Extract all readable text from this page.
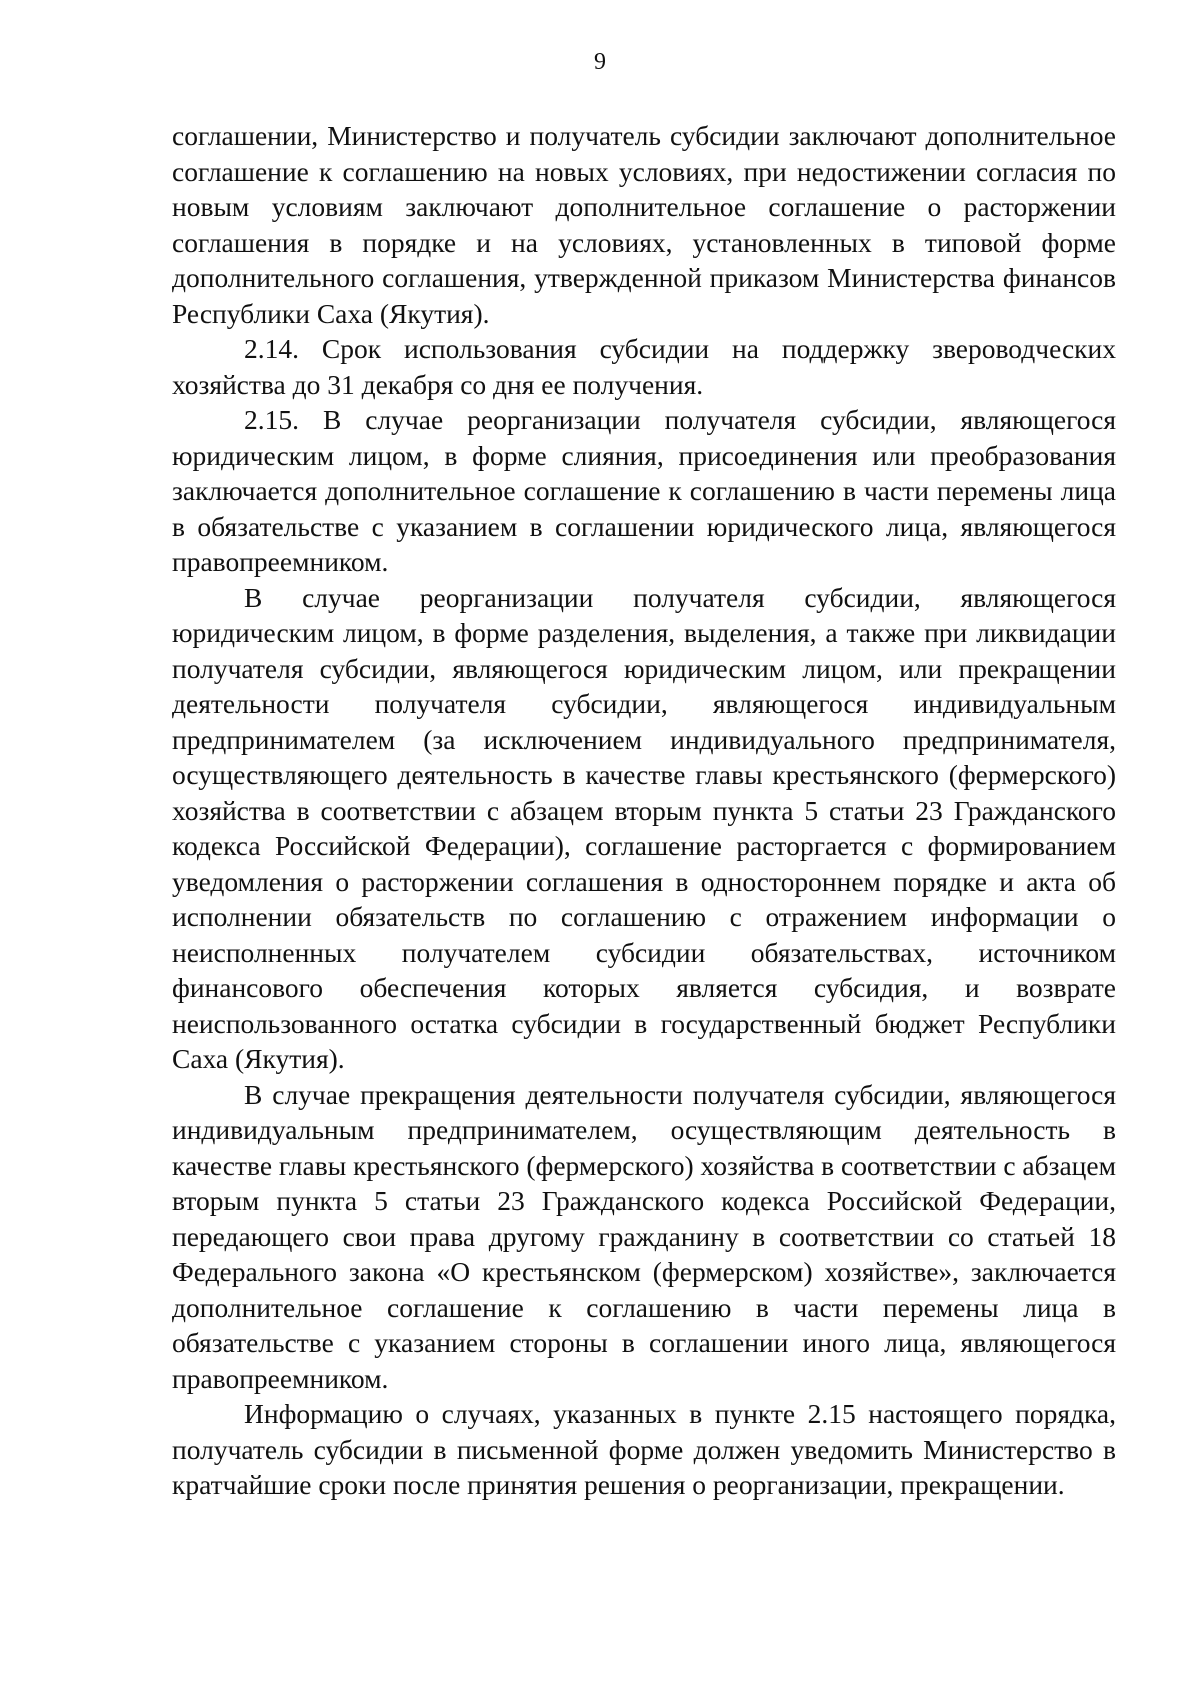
9

соглашении, Министерство и получатель субсидии заключают дополнительное соглашение к соглашению на новых условиях, при недостижении согласия по новым условиям заключают дополнительное соглашение о расторжении соглашения в порядке и на условиях, установленных в типовой форме дополнительного соглашения, утвержденной приказом Министерства финансов Республики Саха (Якутия).

2.14. Срок использования субсидии на поддержку звероводческих хозяйства до 31 декабря со дня ее получения.

2.15. В случае реорганизации получателя субсидии, являющегося юридическим лицом, в форме слияния, присоединения или преобразования заключается дополнительное соглашение к соглашению в части перемены лица в обязательстве с указанием в соглашении юридического лица, являющегося правопреемником.

В случае реорганизации получателя субсидии, являющегося юридическим лицом, в форме разделения, выделения, а также при ликвидации получателя субсидии, являющегося юридическим лицом, или прекращении деятельности получателя субсидии, являющегося индивидуальным предпринимателем (за исключением индивидуального предпринимателя, осуществляющего деятельность в качестве главы крестьянского (фермерского) хозяйства в соответствии с абзацем вторым пункта 5 статьи 23 Гражданского кодекса Российской Федерации), соглашение расторгается с формированием уведомления о расторжении соглашения в одностороннем порядке и акта об исполнении обязательств по соглашению с отражением информации о неисполненных получателем субсидии обязательствах, источником финансового обеспечения которых является субсидия, и возврате неиспользованного остатка субсидии в государственный бюджет Республики Саха (Якутия).

В случае прекращения деятельности получателя субсидии, являющегося индивидуальным предпринимателем, осуществляющим деятельность в качестве главы крестьянского (фермерского) хозяйства в соответствии с абзацем вторым пункта 5 статьи 23 Гражданского кодекса Российской Федерации, передающего свои права другому гражданину в соответствии со статьей 18 Федерального закона «О крестьянском (фермерском) хозяйстве», заключается дополнительное соглашение к соглашению в части перемены лица в обязательстве с указанием стороны в соглашении иного лица, являющегося правопреемником.

Информацию о случаях, указанных в пункте 2.15 настоящего порядка, получатель субсидии в письменной форме должен уведомить Министерство в кратчайшие сроки после принятия решения о реорганизации, прекращении.
